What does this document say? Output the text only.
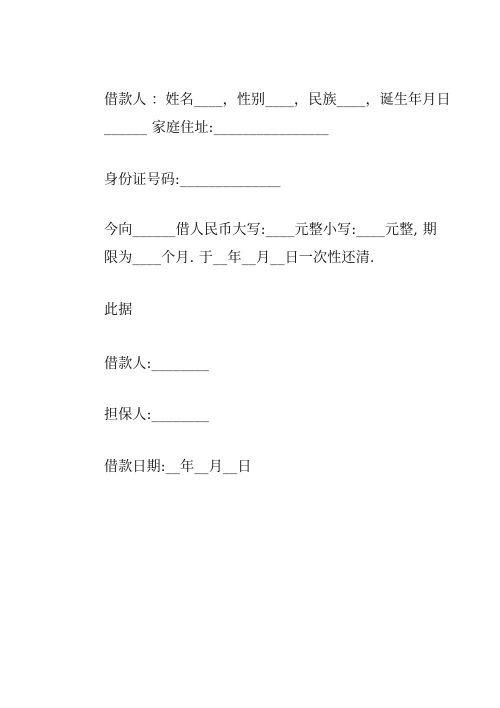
借款人 ：姓名____，性别____，民族____，诞生年月日
______ 家庭住址:________________
身份证号码:______________
今向______借人民币大写:____元整小写:____元整, 期
限为____个月. 于__年__月__日一次性还清.
此据
借款人:________
担保人:________
借款日期:__年__月__日
